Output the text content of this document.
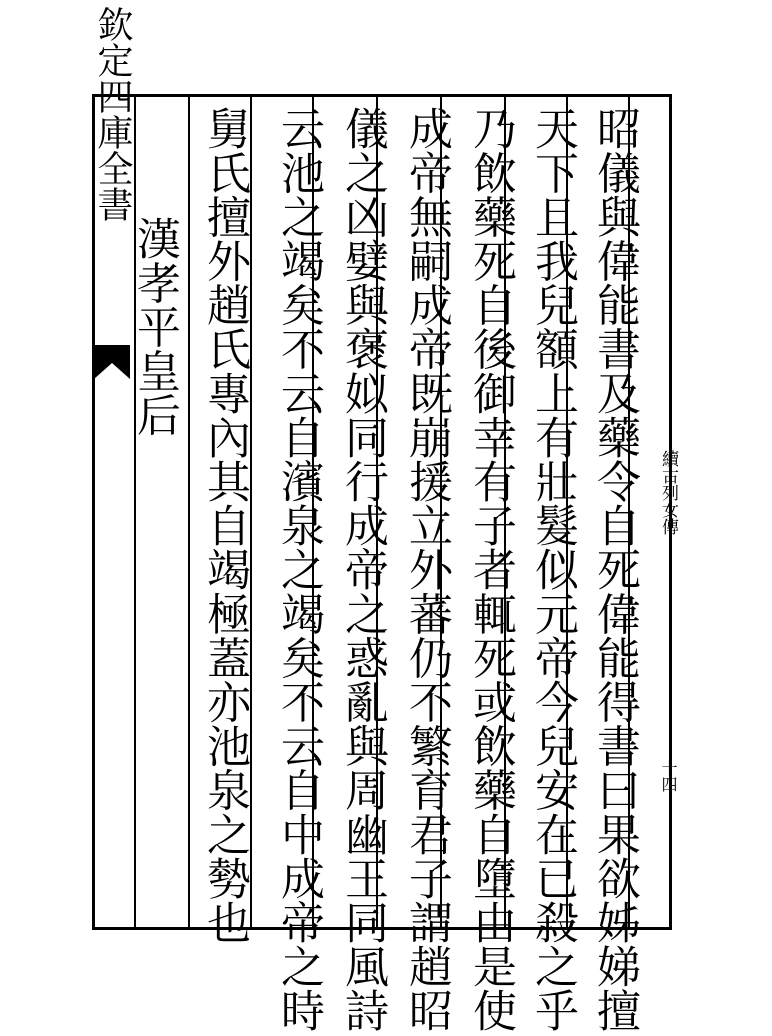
欽定四庫全書	昭儀與偉能書及藥令自死偉能得書曰果欲姊娣擅
天下且我兒額上有壯髮似元帝今兒安在已殺之乎
乃飲藥死自後御幸有子者輒死或飲藥自墮由是使
成帝無嗣成帝既崩援立外蕃仍不繁育君子謂趙昭
儀之凶嬖與褒姒同行成帝之惑亂與周幽王同風詩
云池之竭矣不云自濱泉之竭矣不云自中成帝之時
舅氏擅外趙氏專內其自竭極蓋亦池泉之勢也
漢孝平皇后
續古列女傳
十四
